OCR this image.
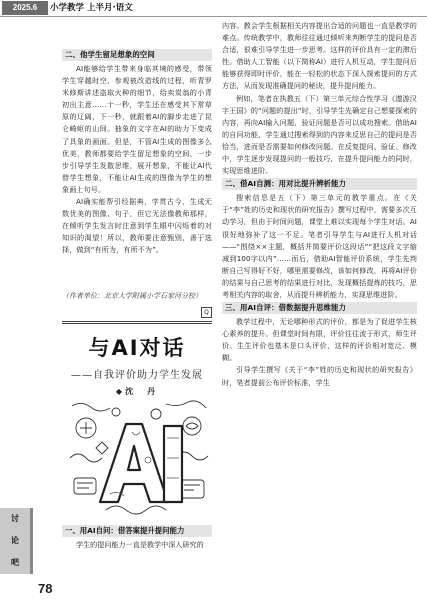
2025.6	小学教学 上半月·语文
二、他学生留足想象的空间

AI能够给学生带来身临其境的感受，带领学生穿越时空，参观被改造线的过程，听青罗米修斯讲述盗取火种的细节，给卖炭翁的小青初出主意……十一秒，学生还在感受其下常草原的辽阔，下一秒，就跟着AI的脚步走进了昆仑崎岖的山间。抽象的文字在AI的助力下变成了具象的画面。但是，不管AI生成的图像多么优美，教师都要给学生留足想象的空间，一步步引导学生发散思维，展开想象，不能让AI代替学生想象，不能让AI生成的图像为学生的想象画上句号。

AI确实能帮引经据典，学贯古今，生成无数优美的图像、句子，但它无法像教师那样，在倾听学生发言时注意到学生眼中闪烁着的对知识的渴望！所以，教师要注意甄别，善于选择，做到“有所为，有所不为”。

（作者单位：北京大学附属小学石家河分校）
Q
与AI对话
——自我评价助力学生发展
◆沈　丹
一、用AI自问：借答案提升提问能力
学生的提问能力一直是教学中深入研究的
讨
论
吧
78

内容。教会学生根据相关内容提出合适的问题也一直是教学的难点。传统教学中，教师往往通过倾听来判断学生的提问是否合适，很难引导学生进一步思考。这样的评价具有一定的滞后性。借助人工智能（以下简称AI）进行人机互动，学生提问后能够获得即时评价，能在一轻松的状态下深入探索提问的方式方法，从而发现准确提问的秘诀，提升提问能力。

例如，笔者在执教五（下）第三单元综合性学习《遨游汉字王国》的“问题的提出”时，引导学生先确定自己想要探索的内容，再向AI输入问题，验证问题是否可以成功搜索。借助AI的自问功能，学生通过搜索得到的内容来反思自己的提问是否恰当，进而是否需要如何修改问题。在反复提问、验证、修改中，学生逐步发现提问的一般技巧，在提升提问能力的同时，实现思维进阶。

二、借AI自测：用对比提升辨析能力

搜索信息是五（下）第三单元的教学重点。在《关于“李”姓的历史和现状的研究报告》撰写过程中，需要多次互动学习，但由于时间问题，课堂上难以实现每个学生对话。AI很好地弥补了这一不足。笔者引导学生与AI进行人机对话——“围绕××主题，概括并简要评价这段话”“把这段文字缩减到100字以内”……而后，借助AI智能评价系统，学生先判断自己写得好不好，哪里需要修改，该如何修改，再将AI评价的结果与自己思考的结果进行对比，发现概括提炼的技巧，思考相关内容的取舍，从而提升辨析能力，实现思维进阶。

三、用AI自评：借数据提升思维能力

教学过程中，无论哪种形式的评价，都是为了促进学生核心素养的提升。但课堂时间有限，评价往往流于形式，师生评价、生生评价也基本是口头评价，这样的评价相对宽泛、模糊。

引导学生撰写《关于“李”姓的历史和现状的研究报告》时，笔者提前公布评价标准，学生
